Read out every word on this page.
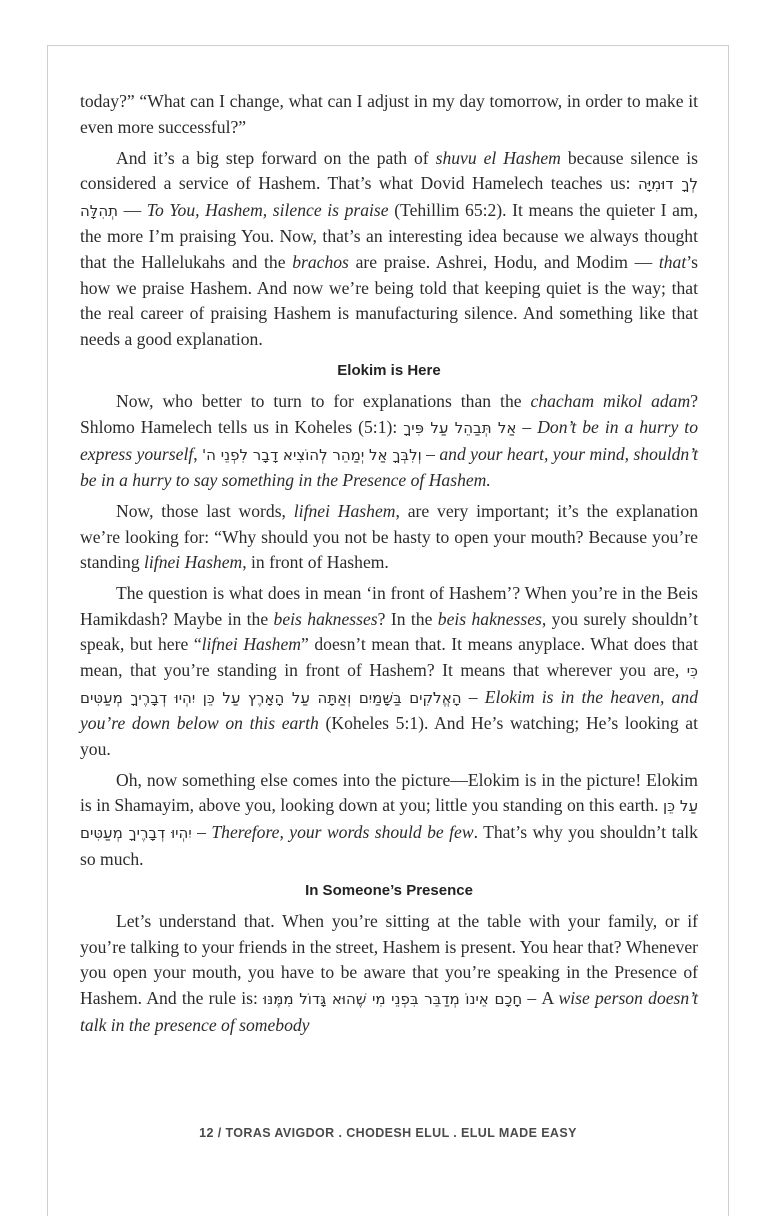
today?” “What can I change, what can I adjust in my day tomorrow, in order to make it even more successful?”

And it’s a big step forward on the path of shuvu el Hashem because silence is considered a service of Hashem. That’s what Dovid Hamelech teaches us: לְךָ דוּמִיָּה תְהִלָּה — To You, Hashem, silence is praise (Tehillim 65:2). It means the quieter I am, the more I’m praising You. Now, that’s an interesting idea because we always thought that the Hallelukahs and the brachos are praise. Ashrei, Hodu, and Modim — that’s how we praise Hashem. And now we’re being told that keeping quiet is the way; that the real career of praising Hashem is manufacturing silence. And something like that needs a good explanation.

Elokim is Here

Now, who better to turn to for explanations than the chacham mikol adam? Shlomo Hamelech tells us in Koheles (5:1): אַל תְּבַהֵל עַל פִּיךָ – Don’t be in a hurry to express yourself, וְלִבְּךָ אַל יְמַהֵר לְהוֹצִיא דָבָר לִפְנֵי ה' – and your heart, your mind, shouldn’t be in a hurry to say something in the Presence of Hashem.

Now, those last words, lifnei Hashem, are very important; it’s the explanation we’re looking for: “Why should you not be hasty to open your mouth? Because you’re standing lifnei Hashem, in front of Hashem.

The question is what does in mean ‘in front of Hashem’? When you’re in the Beis Hamikdash? Maybe in the beis haknesses? In the beis haknesses, you surely shouldn’t speak, but here “lifnei Hashem” doesn’t mean that. It means anyplace. What does that mean, that you’re standing in front of Hashem? It means that wherever you are, כִּי הָאֱלֹקִים בַּשָּׁמַיִם וְאַתָּה עַל הָאָרֶץ עַל כֵּן יִהְיוּ דְבָרֶיךָ מְעַטִּים – Elokim is in the heaven, and you’re down below on this earth (Koheles 5:1). And He’s watching; He’s looking at you.

Oh, now something else comes into the picture—Elokim is in the picture! Elokim is in Shamayim, above you, looking down at you; little you standing on this earth. עַל כֵּן יִהְיוּ דְבָרֶיךָ מְעַטִּים – Therefore, your words should be few. That’s why you shouldn’t talk so much.

In Someone’s Presence

Let’s understand that. When you’re sitting at the table with your family, or if you’re talking to your friends in the street, Hashem is present. You hear that? Whenever you open your mouth, you have to be aware that you’re speaking in the Presence of Hashem. And the rule is: חָכָם אֵינוֹ מְדַבֵּר בִּפְנֵי מִי שֶׁהוּא גָּדוֹל מִמֶּנּוּ – A wise person doesn’t talk in the presence of somebody

12 / TORAS AVIGDOR . CHODESH ELUL . ELUL MADE EASY
